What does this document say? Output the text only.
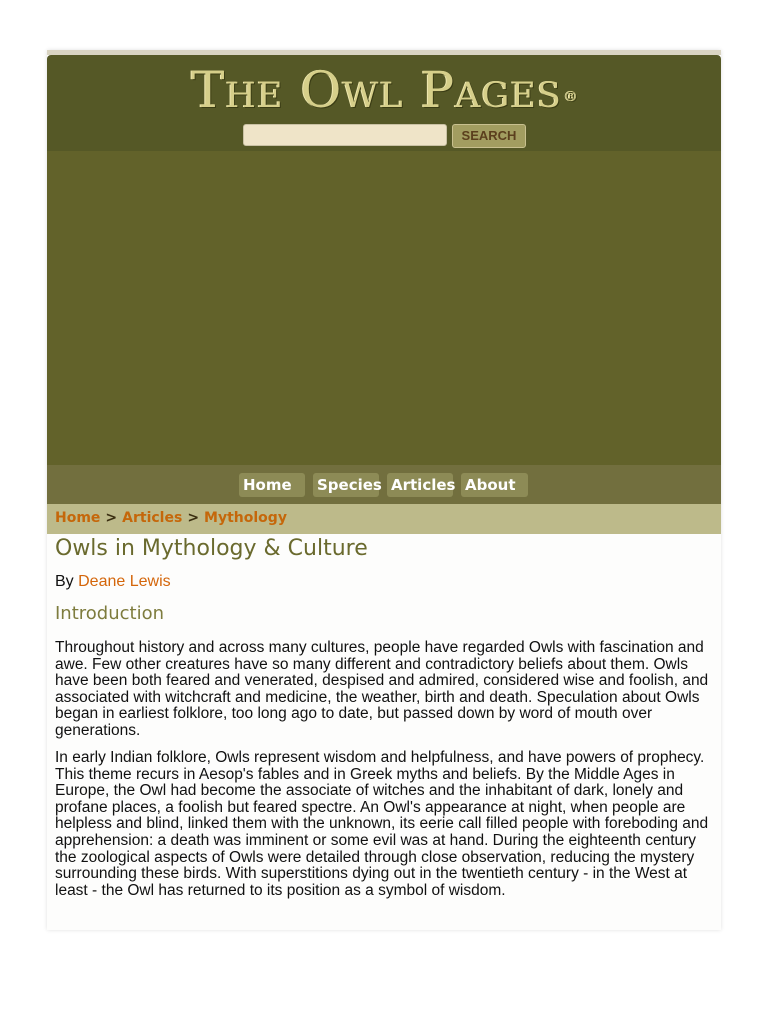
The Owl Pages ®
SEARCH
Home	Species Articles About
Home > Articles > Mythology
Owls in Mythology & Culture
By Deane Lewis
Introduction

Throughout history and across many cultures, people have regarded Owls with fascination and awe. Few other creatures have so many different and contradictory beliefs about them. Owls have been both feared and venerated, despised and admired, considered wise and foolish, and associated with witchcraft and medicine, the weather, birth and death. Speculation about Owls began in earliest folklore, too long ago to date, but passed down by word of mouth over generations.

In early Indian folklore, Owls represent wisdom and helpfulness, and have powers of prophecy. This theme recurs in Aesop's fables and in Greek myths and beliefs. By the Middle Ages in Europe, the Owl had become the associate of witches and the inhabitant of dark, lonely and profane places, a foolish but feared spectre. An Owl's appearance at night, when people are helpless and blind, linked them with the unknown, its eerie call filled people with foreboding and apprehension: a death was imminent or some evil was at hand. During the eighteenth century the zoological aspects of Owls were detailed through close observation, reducing the mystery surrounding these birds. With superstitions dying out in the twentieth century - in the West at least - the Owl has returned to its position as a symbol of wisdom.
